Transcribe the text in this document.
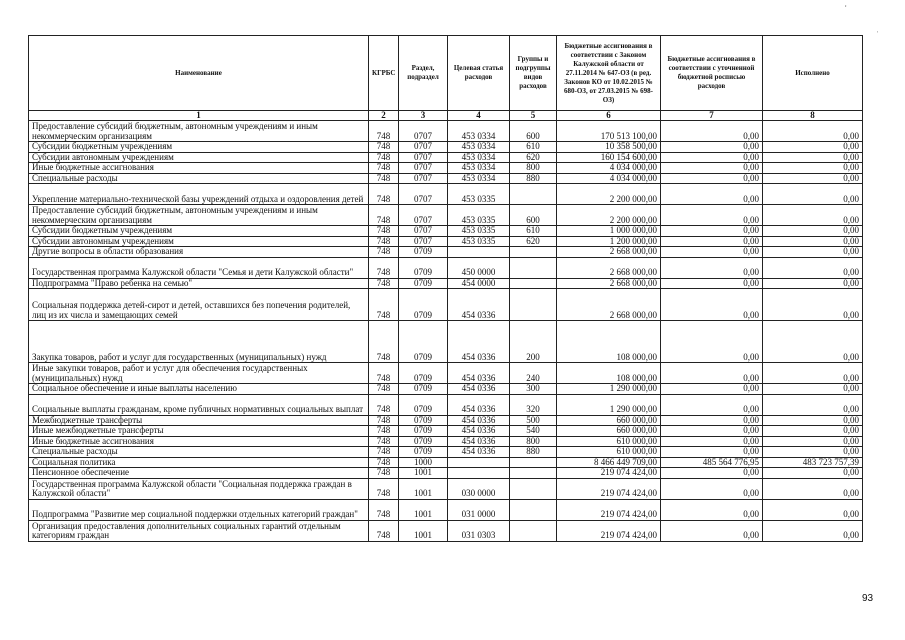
Наименование	КГРБС	Раздел, подраздел	Целевая статья расходов	Группы и подгруппы видов расходов	Бюджетные ассигнования в соответствии с Законом Калужской области от 27.11.2014 № 647-ОЗ (в ред. Законов КО от 10.02.2015 № 680-ОЗ, от 27.03.2015 № 698-ОЗ)	Бюджетные ассигнования в соответствии с уточненной бюджетной росписью расходов	Исполнено
1	2	3	4	5	6	7	8
Предоставление субсидий бюджетным, автономным учреждениям и иным некоммерческим организациям	748	0707	453 0334	600	170 513 100,00	0,00	0,00
Субсидии бюджетным учреждениям	748	0707	453 0334	610	10 358 500,00	0,00	0,00
Субсидии автономным учреждениям	748	0707	453 0334	620	160 154 600,00	0,00	0,00
Иные бюджетные ассигнования	748	0707	453 0334	800	4 034 000,00	0,00	0,00
Специальные расходы	748	0707	453 0334	880	4 034 000,00	0,00	0,00
Укрепление материально-технической базы учреждений отдыха и оздоровления детей	748	0707	453 0335		2 200 000,00	0,00	0,00
Предоставление субсидий бюджетным, автономным учреждениям и иным некоммерческим организациям	748	0707	453 0335	600	2 200 000,00	0,00	0,00
Субсидии бюджетным учреждениям	748	0707	453 0335	610	1 000 000,00	0,00	0,00
Субсидии автономным учреждениям	748	0707	453 0335	620	1 200 000,00	0,00	0,00
Другие вопросы в области образования	748	0709			2 668 000,00	0,00	0,00
Государственная программа Калужской области "Семья и дети Калужской области"	748	0709	450 0000		2 668 000,00	0,00	0,00
Подпрограмма "Право ребенка на семью"	748	0709	454 0000		2 668 000,00	0,00	0,00
Социальная поддержка детей-сирот и детей, оставшихся без попечения родителей, лиц из их числа и замещающих семей	748	0709	454 0336		2 668 000,00	0,00	0,00
Закупка товаров, работ и услуг для государственных (муниципальных) нужд	748	0709	454 0336	200	108 000,00	0,00	0,00
Иные закупки товаров, работ и услуг для обеспечения государственных (муниципальных) нужд	748	0709	454 0336	240	108 000,00	0,00	0,00
Социальное обеспечение и иные выплаты населению	748	0709	454 0336	300	1 290 000,00	0,00	0,00
Социальные выплаты гражданам, кроме публичных нормативных социальных выплат	748	0709	454 0336	320	1 290 000,00	0,00	0,00
Межбюджетные трансферты	748	0709	454 0336	500	660 000,00	0,00	0,00
Иные межбюджетные трансферты	748	0709	454 0336	540	660 000,00	0,00	0,00
Иные бюджетные ассигнования	748	0709	454 0336	800	610 000,00	0,00	0,00
Специальные расходы	748	0709	454 0336	880	610 000,00	0,00	0,00
Социальная политика	748	1000			8 466 449 709,00	485 564 776,95	483 723 757,39
Пенсионное обеспечение	748	1001			219 074 424,00	0,00	0,00
Государственная программа Калужской области "Социальная поддержка граждан в Калужской области"	748	1001	030 0000		219 074 424,00	0,00	0,00
Подпрограмма "Развитие мер социальной поддержки отдельных категорий граждан"	748	1001	031 0000		219 074 424,00	0,00	0,00
Организация предоставления дополнительных социальных гарантий отдельным категориям граждан	748	1001	031 0303		219 074 424,00	0,00	0,00
93
ʹ
ˈ
